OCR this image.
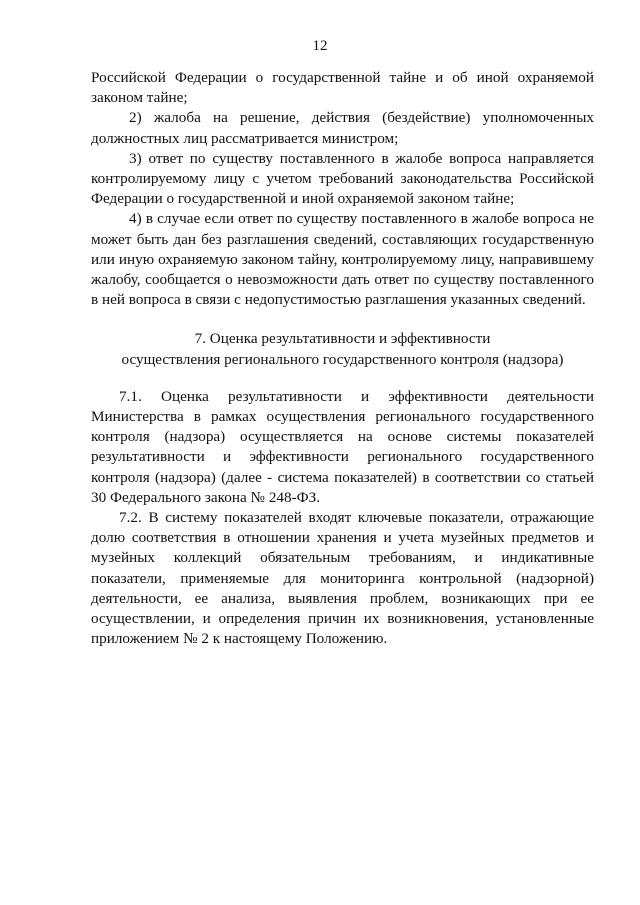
12

Российской Федерации о государственной тайне и об иной охраняемой законом тайне;

2) жалоба на решение, действия (бездействие) уполномоченных должностных лиц рассматривается министром;

3) ответ по существу поставленного в жалобе вопроса направляется контролируемому лицу с учетом требований законодательства Российской Федерации о государственной и иной охраняемой законом тайне;

4) в случае если ответ по существу поставленного в жалобе вопроса не может быть дан без разглашения сведений, составляющих государственную или иную охраняемую законом тайну, контролируемому лицу, направившему жалобу, сообщается о невозможности дать ответ по существу поставленного в ней вопроса в связи с недопустимостью разглашения указанных сведений.

7. Оценка результативности и эффективности

осуществления регионального государственного контроля (надзора)

7.1. Оценка результативности и эффективности деятельности Министерства в рамках осуществления регионального государственного контроля (надзора) осуществляется на основе системы показателей результативности и эффективности регионального государственного контроля (надзора) (далее - система показателей) в соответствии со статьей 30 Федерального закона № 248-ФЗ.

7.2. В систему показателей входят ключевые показатели, отражающие долю соответствия в отношении хранения и учета музейных предметов и музейных коллекций обязательным требованиям, и индикативные показатели, применяемые для мониторинга контрольной (надзорной) деятельности, ее анализа, выявления проблем, возникающих при ее осуществлении, и определения причин их возникновения, установленные приложением № 2 к настоящему Положению.
